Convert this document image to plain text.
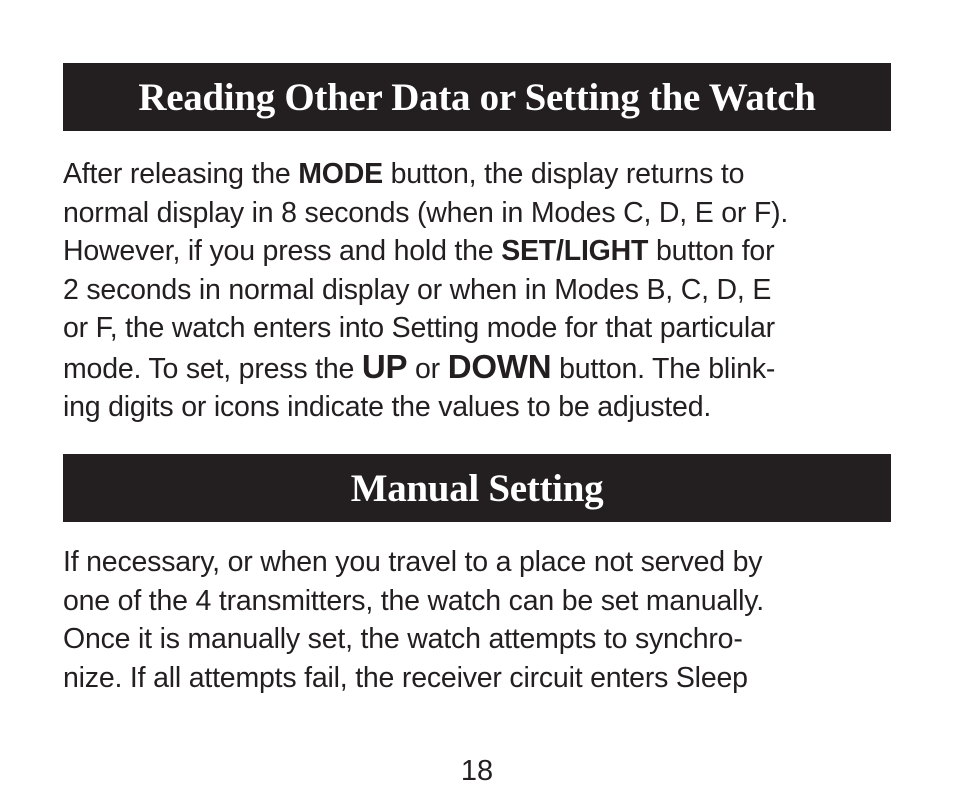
Reading Other Data or Setting the Watch
After releasing the MODE button, the display returns to
normal display in 8 seconds (when in Modes C, D, E or F).
However, if you press and hold the SET/LIGHT button for
2 seconds in normal display or when in Modes B, C, D, E
or F, the watch enters into Setting mode for that particular
mode. To set, press the UP or DOWN button. The blink-
ing digits or icons indicate the values to be adjusted.
Manual Setting
If necessary, or when you travel to a place not served by
one of the 4 transmitters, the watch can be set manually.
Once it is manually set, the watch attempts to synchro-
nize. If all attempts fail, the receiver circuit enters Sleep
18
